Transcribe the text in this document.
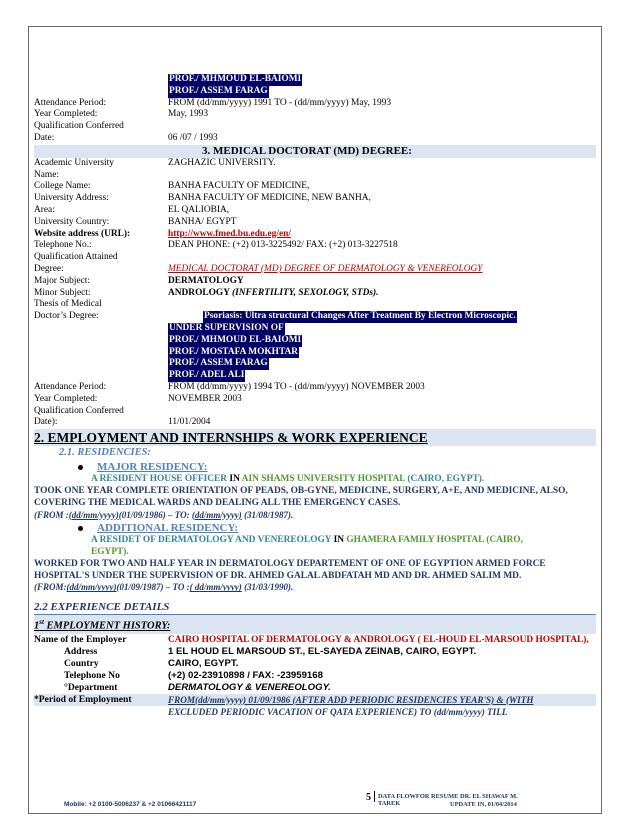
PROF./ MHMOUD EL-BAIOMI
PROF./ ASSEM FARAG
Attendance Period:	FROM (dd/mm/yyyy) 1991 TO - (dd/mm/yyyy) May, 1993
Year Completed:	May, 1993
Qualification Conferred
Date:	06 /07 / 1993
3. MEDICAL DOCTORAT (MD) DEGREE:
Academic University	ZAGHAZIC UNIVERSITY.
Name:
College Name:	BANHA FACULTY OF MEDICINE,
University Address:	BANHA FACULTY OF MEDICINE, NEW BANHA,
Area:	EL QALIOBIA,
University Country:	BANHA/ EGYPT
Website address (URL):	http://www.fmed.bu.edu.eg/en/
Telephone No.:	DEAN PHONE: (+2) 013-3225492/ FAX: (+2) 013-3227518
Qualification Attained
Degree:	MEDICAL DOCTORAT (MD) DEGREE OF DERMATOLOGY & VENEREOLOGY
Major Subject:	DERMATOLOGY
Minor Subject:	ANDROLOGY (INFERTILITY, SEXOLOGY, STDs).
Thesis of Medical
Doctor’s Degree:	Psoriasis: Ultra structural Changes After Treatment By Electron Microscopic.
UNDER SUPERVISION OF
PROF./ MHMOUD EL-BAIOMI
PROF./ MOSTAFA MOKHTAR
PROF./ ASSEM FARAG
PROF./ ADEL ALI
Attendance Period:	FROM (dd/mm/yyyy) 1994 TO - (dd/mm/yyyy) NOVEMBER 2003
Year Completed:	NOVEMBER 2003
Qualification Conferred
Date):	11/01/2004
2. EMPLOYMENT AND INTERNSHIPS & WORK EXPERIENCE
2.1. RESIDENCIES:
MAJOR RESIDENCY:
A RESIDENT HOUSE OFFICER IN AIN SHAMS UNIVERSITY HOSPITAL (CAIRO, EGYPT).
TOOK ONE YEAR COMPLETE ORIENTATION OF PEADS, OB-GYNE, MEDICINE, SURGERY, A+E, AND MEDICINE, ALSO, COVERING THE MEDICAL WARDS AND DEALING ALL THE EMERGENCY CASES.
(FROM :(dd/mm/yyyy)(01/09/1986) – TO: (dd/mm/yyyy) (31/08/1987).
ADDITIONAL RESIDENCY:
A RESIDET OF DERMATOLOGY AND VENEREOLOGY IN GHAMERA FAMILY HOSPITAL (CAIRO,
EGYPT).
WORKED FOR TWO AND HALF YEAR IN DERMATOLOGY DEPARTEMENT OF ONE OF EGYPTION ARMED FORCE HOSPITAL'S UNDER THE SUPERVISION OF DR. AHMED GALAL ABDFATAH MD AND DR. AHMED SALIM MD.
(FROM:(dd/mm/yyyy)(01/09/1987) – TO :( dd/mm/yyyy) (31/03/1990).
2.2 EXPERIENCE DETAILS
1st EMPLOYMENT HISTORY:
Name of the Employer	CAIRO HOSPITAL OF DERMATOLOGY & ANDROLOGY ( EL-HOUD EL-MARSOUD HOSPITAL),
Address	1 EL HOUD EL MARSOUD ST., EL-SAYEDA ZEINAB, CAIRO, EGYPT.
Country	CAIRO, EGYPT.
Telephone No	(+2) 02-23910898 / FAX: -23959168
°Department	DERMATOLOGY & VENEREOLOGY.
*Period of Employment	FROM(dd/mm/yyyy) 01/09/1986 (AFTER ADD PERIODIC RESIDENCIES YEAR'S) & (WITH
EXCLUDED PERIODIC VACATION OF QATA EXPERIENCE) TO (dd/mm/yyyy) TILL
5 DATA FLOWFOR RESUME DR. EL SHAWAF M. TAREK
Mobile: +2 0100-5006237 & +2 01066421117	UPDATE IN, 01/04/2014
